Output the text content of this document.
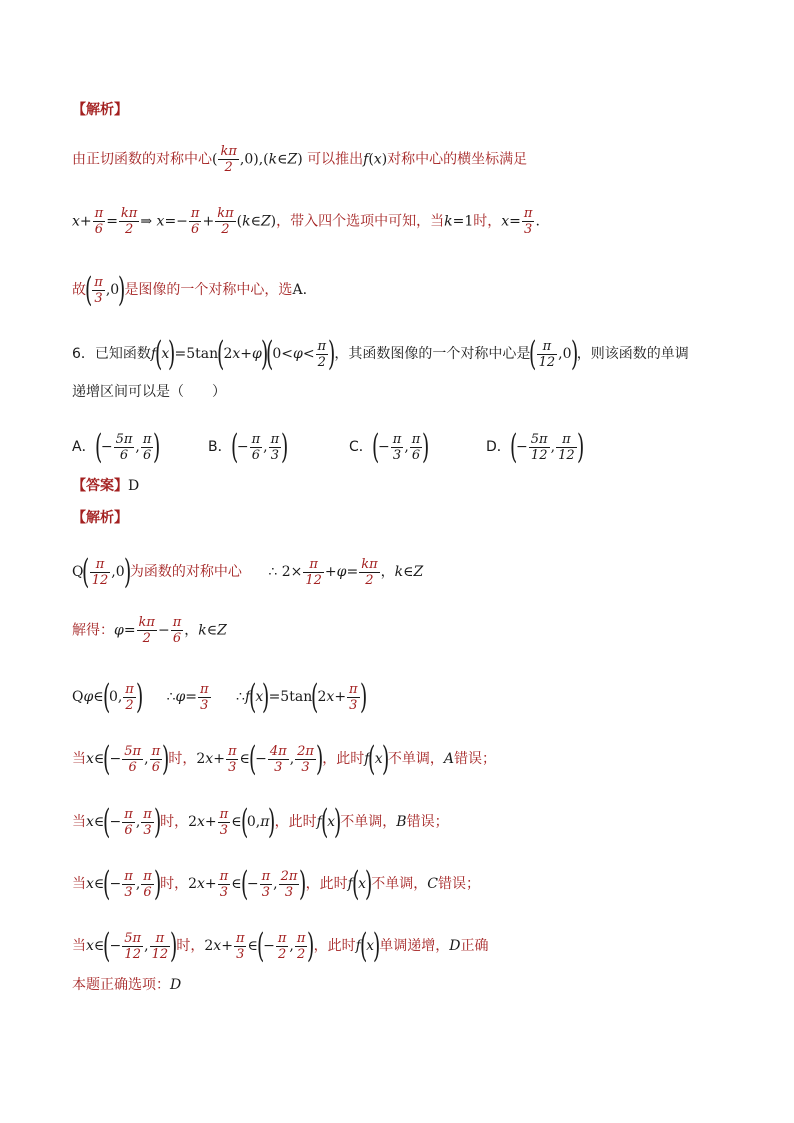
【解析】
由正切函数的对称中心( $\frac{k\pi}{2}$ ,0),(k∈Z) 可以推出f(x)对称中心的横坐标满足
$x+ \frac{\pi}{6} = \frac{k\pi}{2}$ ⇒ $x=- \frac{\pi}{6} + \frac{k\pi}{2}$ (k∈Z)，带入四个选项中可知，当k=1时，$x= \frac{\pi}{3}$ .
故( $\frac{\pi}{3} ,0$)是图像的一个对称中心，选A.
6．已知函数$f(x)=5\tan(2x+\varphi)(0<\varphi< \frac{\pi}{2}$ )，其函数图像的一个对称中心是( $\frac{\pi}{12} ,0$)，则该函数的单调
递增区间可以是（　　）
A．(− $\frac{5\pi}{6}$ , $\frac{\pi}{6}$ )	B．(− $\frac{\pi}{6}$ , $\frac{\pi}{3}$ )	C．(− $\frac{\pi}{3}$ , $\frac{\pi}{6}$ )	D．(− $\frac{5\pi}{12}$ , $\frac{\pi}{12}$ )
【答案】D
【解析】
$Q( \frac{\pi}{12} ,0)$为函数的对称中心 ∴ $2\times \frac{\pi}{12} +\varphi= \frac{k\pi}{2}$ ，k∈Z
解得：$\varphi= \frac{k\pi}{2} - \frac{\pi}{6}$ ，k∈Z
Qφ∈(0, $\frac{\pi}{2}$ ) ∴φ= $\frac{\pi}{3}$ ∴f(x)=5tan(2x+ $\frac{\pi}{3}$ )
当x∈(− $\frac{5\pi}{6}$ , $\frac{\pi}{6}$ )时，$2x+ \frac{\pi}{3}$ ∈(− $\frac{4\pi}{3}$ , $\frac{2\pi}{3}$ )，此时f(x)不单调，A错误；
当x∈(− $\frac{\pi}{6}$ , $\frac{\pi}{3}$ )时，$2x+ \frac{\pi}{3}$ ∈(0,π)，此时f(x)不单调，B错误；
当x∈(− $\frac{\pi}{3}$ , $\frac{\pi}{6}$ )时，$2x+ \frac{\pi}{3}$ ∈(− $\frac{\pi}{3}$ , $\frac{2\pi}{3}$ )，此时f(x)不单调，C错误；
当x∈(− $\frac{5\pi}{12}$ , $\frac{\pi}{12}$ )时，$2x+ \frac{\pi}{3}$ ∈(− $\frac{\pi}{2}$ , $\frac{\pi}{2}$ )，此时f(x)单调递增，D正确
本题正确选项：D
